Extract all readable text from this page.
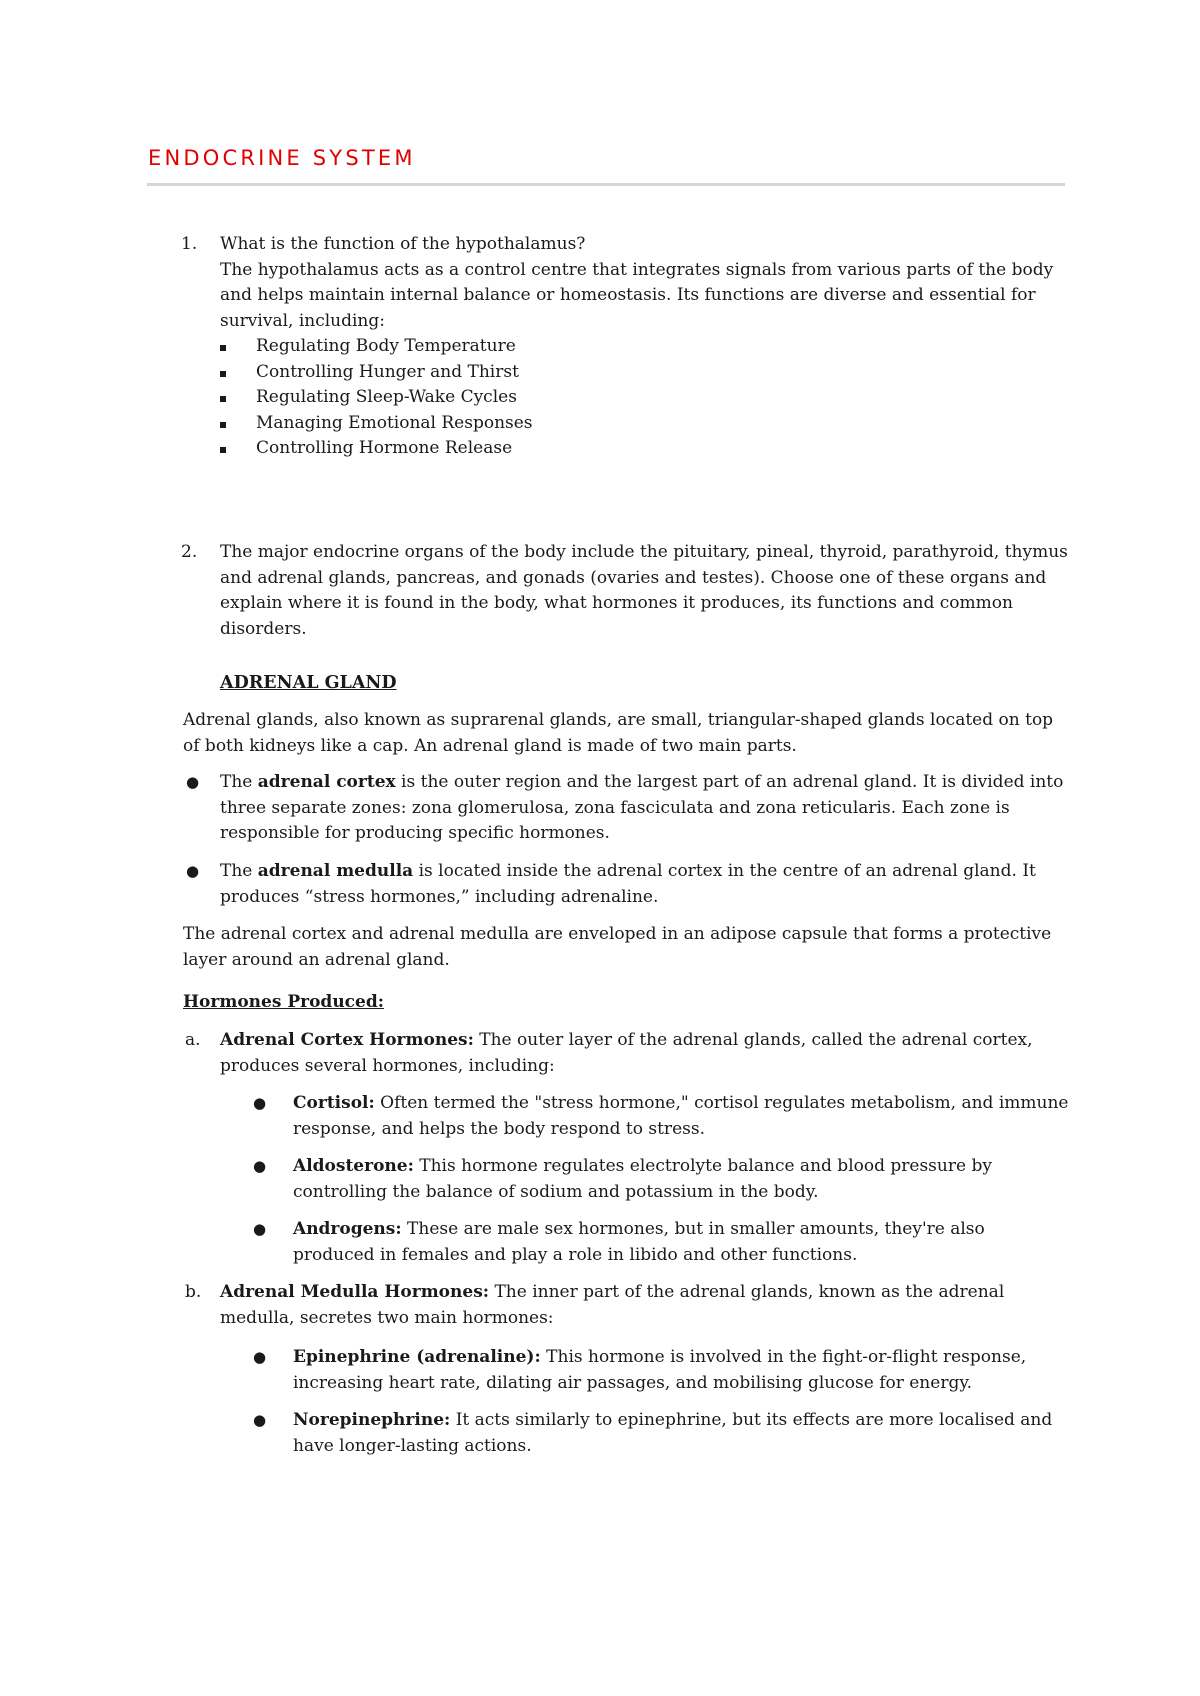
ENDOCRINE SYSTEM
1. What is the function of the hypothalamus?
The hypothalamus acts as a control centre that integrates signals from various parts of the body and helps maintain internal balance or homeostasis. Its functions are diverse and essential for survival, including:
Regulating Body Temperature
Controlling Hunger and Thirst
Regulating Sleep-Wake Cycles
Managing Emotional Responses
Controlling Hormone Release
2. The major endocrine organs of the body include the pituitary, pineal, thyroid, parathyroid, thymus and adrenal glands, pancreas, and gonads (ovaries and testes). Choose one of these organs and explain where it is found in the body, what hormones it produces, its functions and common disorders.
ADRENAL GLAND
Adrenal glands, also known as suprarenal glands, are small, triangular-shaped glands located on top of both kidneys like a cap. An adrenal gland is made of two main parts.
● The adrenal cortex is the outer region and the largest part of an adrenal gland. It is divided into three separate zones: zona glomerulosa, zona fasciculata and zona reticularis. Each zone is responsible for producing specific hormones.
● The adrenal medulla is located inside the adrenal cortex in the centre of an adrenal gland. It produces “stress hormones,” including adrenaline.
The adrenal cortex and adrenal medulla are enveloped in an adipose capsule that forms a protective layer around an adrenal gland.
Hormones Produced:
a. Adrenal Cortex Hormones: The outer layer of the adrenal glands, called the adrenal cortex, produces several hormones, including:
● Cortisol: Often termed the "stress hormone," cortisol regulates metabolism, and immune response, and helps the body respond to stress.
● Aldosterone: This hormone regulates electrolyte balance and blood pressure by controlling the balance of sodium and potassium in the body.
● Androgens: These are male sex hormones, but in smaller amounts, they're also produced in females and play a role in libido and other functions.
b. Adrenal Medulla Hormones: The inner part of the adrenal glands, known as the adrenal medulla, secretes two main hormones:
● Epinephrine (adrenaline): This hormone is involved in the fight-or-flight response, increasing heart rate, dilating air passages, and mobilising glucose for energy.
● Norepinephrine: It acts similarly to epinephrine, but its effects are more localised and have longer-lasting actions.
